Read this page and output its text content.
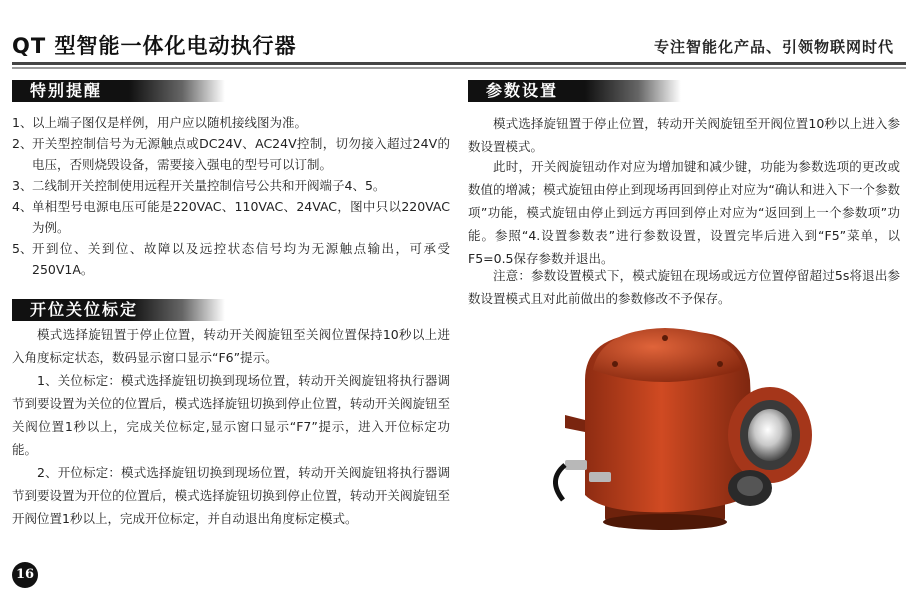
QT 型智能一体化电动执行器	专注智能化产品、引领物联网时代
特别提醒
1、 以上端子图仅是样例，用户应以随机接线图为准。
2、 开关型控制信号为无源触点或DC24V、AC24V控制，切勿接入超过24V的电压，否则烧毁设备，需要接入强电的型号可以订制。
3、 二线制开关控制使用远程开关量控制信号公共和开阀端子4、5。
4、 单相型号电源电压可能是220VAC、110VAC、24VAC，图中只以220VAC为例。
5、 开到位、关到位、故障以及远控状态信号均为无源触点输出，可承受250V1A。
开位关位标定

模式选择旋钮置于停止位置，转动开关阀旋钮至关阀位置保持10秒以上进入角度标定状态，数码显示窗口显示“F6”提示。

1、关位标定：模式选择旋钮切换到现场位置，转动开关阀旋钮将执行器调节到要设置为关位的位置后，模式选择旋钮切换到停止位置，转动开关阀旋钮至关阀位置1秒以上，完成关位标定,显示窗口显示“F7”提示，进入开位标定功能。

2、开位标定：模式选择旋钮切换到现场位置，转动开关阀旋钮将执行器调节到要设置为开位的位置后，模式选择旋钮切换到停止位置，转动开关阀旋钮至开阀位置1秒以上，完成开位标定，并自动退出角度标定模式。

参数设置

模式选择旋钮置于停止位置，转动开关阀旋钮至开阀位置10秒以上进入参数设置模式。

此时，开关阀旋钮动作对应为增加键和减少键，功能为参数选项的更改或数值的增减；模式旋钮由停止到现场再回到停止对应为“确认和进入下一个参数项”功能，模式旋钮由停止到远方再回到停止对应为“返回到上一个参数项”功能。参照“4.设置参数表”进行参数设置，设置完毕后进入到“F5”菜单，以F5=0.5保存参数并退出。

注意：参数设置模式下，模式旋钮在现场或远方位置停留超过5s将退出参数设置模式且对此前做出的参数修改不予保存。

16
